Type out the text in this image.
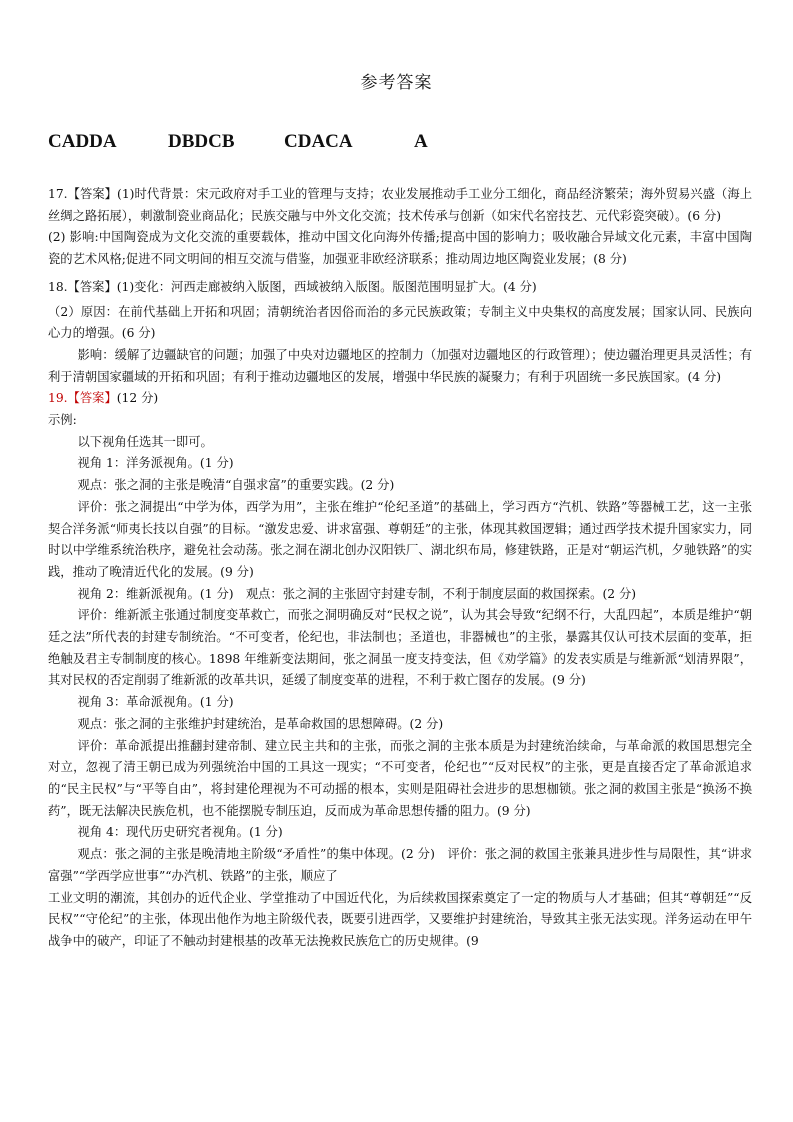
参考答案
CADDA	DBDCB	CDACA	A

17.【答案】(1)时代背景：宋元政府对手工业的管理与支持；农业发展推动手工业分工细化，商品经济繁荣；海外贸易兴盛（海上丝绸之路拓展），刺激制瓷业商品化；民族交融与中外文化交流；技术传承与创新（如宋代名窑技艺、元代彩瓷突破）。(6 分)

(2) 影响:中国陶瓷成为文化交流的重要载体，推动中国文化向海外传播;提高中国的影响力；吸收融合异域文化元素，丰富中国陶瓷的艺术风格;促进不同文明间的相互交流与借鉴，加强亚非欧经济联系；推动周边地区陶瓷业发展；(8 分)

18.【答案】(1)变化：河西走廊被纳入版图，西域被纳入版图。版图范围明显扩大。(4 分)

（2）原因：在前代基础上开拓和巩固；清朝统治者因俗而治的多元民族政策；专制主义中央集权的高度发展；国家认同、民族向心力的增强。(6 分)

影响：缓解了边疆缺官的问题；加强了中央对边疆地区的控制力（加强对边疆地区的行政管理）；使边疆治理更具灵活性；有利于清朝国家疆域的开拓和巩固；有利于推动边疆地区的发展，增强中华民族的凝聚力；有利于巩固统一多民族国家。(4 分)

19.【答案】(12 分)

示例:

以下视角任选其一即可。

视角 1：洋务派视角。(1 分)

观点：张之洞的主张是晚清“自强求富”的重要实践。(2 分)

评价：张之洞提出“中学为体，西学为用”，主张在维护“伦纪圣道”的基础上，学习西方“汽机、铁路”等器械工艺，这一主张契合洋务派“师夷长技以自强”的目标。“激发忠爱、讲求富强、尊朝廷”的主张，体现其救国逻辑；通过西学技术提升国家实力，同时以中学维系统治秩序，避免社会动荡。张之洞在湖北创办汉阳铁厂、湖北织布局，修建铁路，正是对“朝运汽机，夕驰铁路”的实践，推动了晚清近代化的发展。(9 分)

视角 2：维新派视角。(1 分)　观点：张之洞的主张固守封建专制，不利于制度层面的救国探索。(2 分)

评价：维新派主张通过制度变革救亡，而张之洞明确反对“民权之说”，认为其会导致“纪纲不行，大乱四起”，本质是维护“朝廷之法”所代表的封建专制统治。“不可变者，伦纪也，非法制也；圣道也，非器械也”的主张，暴露其仅认可技术层面的变革，拒绝触及君主专制制度的核心。1898 年维新变法期间，张之洞虽一度支持变法，但《劝学篇》的发表实质是与维新派“划清界限”，其对民权的否定削弱了维新派的改革共识，延缓了制度变革的进程，不利于救亡图存的发展。(9 分)

视角 3：革命派视角。(1 分)

观点：张之洞的主张维护封建统治，是革命救国的思想障碍。(2 分)

评价：革命派提出推翻封建帝制、建立民主共和的主张，而张之洞的主张本质是为封建统治续命，与革命派的救国思想完全对立，忽视了清王朝已成为列强统治中国的工具这一现实；“不可变者，伦纪也”“反对民权”的主张，更是直接否定了革命派追求的“民主民权”与“平等自由”，将封建伦理视为不可动摇的根本，实则是阻碍社会进步的思想枷锁。张之洞的救国主张是“换汤不换药”，既无法解决民族危机，也不能摆脱专制压迫，反而成为革命思想传播的阻力。(9 分)

视角 4：现代历史研究者视角。(1 分)

观点：张之洞的主张是晚清地主阶级“矛盾性”的集中体现。(2 分)　评价：张之洞的救国主张兼具进步性与局限性，其“讲求富强”“学西学应世事”“办汽机、铁路”的主张，顺应了

工业文明的潮流，其创办的近代企业、学堂推动了中国近代化，为后续救国探索奠定了一定的物质与人才基础；但其“尊朝廷”“反民权”“守伦纪”的主张，体现出他作为地主阶级代表，既要引进西学，又要维护封建统治，导致其主张无法实现。洋务运动在甲午战争中的破产，印证了不触动封建根基的改革无法挽救民族危亡的历史规律。(9
